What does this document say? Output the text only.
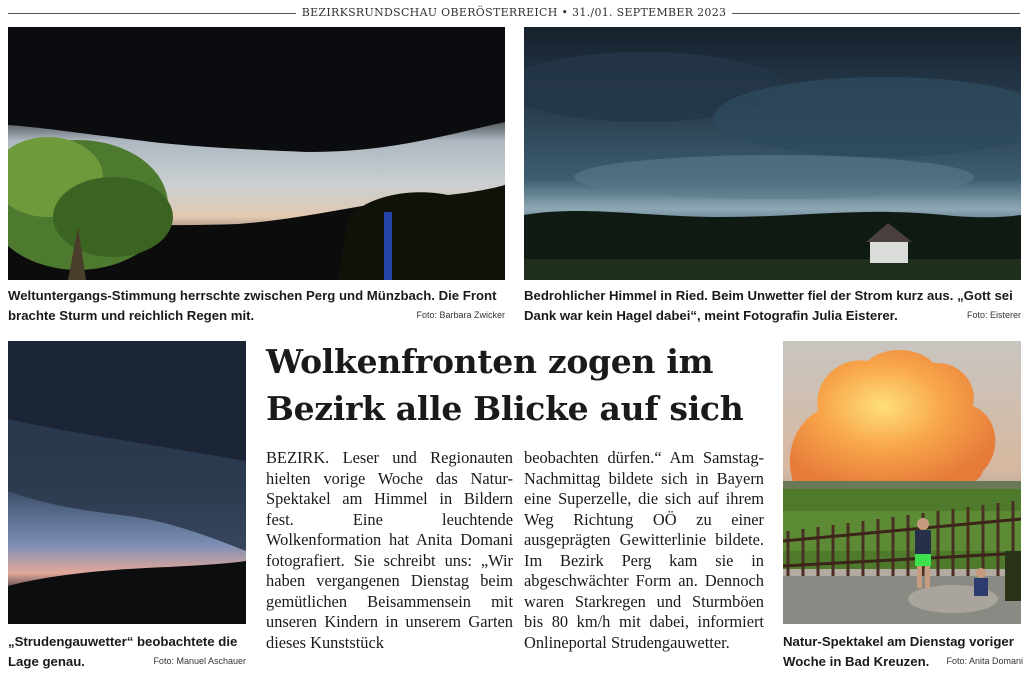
BEZIRKSRUNDSCHAU OBERÖSTERREICH • 31./01. SEPTEMBER 2023
Weltuntergangs-Stimmung herrschte zwischen Perg und Münzbach. Die Front brachte Sturm und reichlich Regen mit.	Foto: Barbara Zwicker
Bedrohlicher Himmel in Ried. Beim Unwetter fiel der Strom kurz aus. „Gott sei Dank war kein Hagel dabei“, meint Fotografin Julia Eisterer.	Foto: Eisterer
„Strudengauwetter“ beobachtete die Lage genau.	Foto: Manuel Aschauer
Wolkenfronten zogen im Bezirk alle Blicke auf sich
BEZIRK. Leser und Regionauten hielten vorige Woche das Natur-Spektakel am Himmel in Bildern fest. Eine leuchtende Wolkenformation hat Anita Domani fotografiert. Sie schreibt uns: „Wir haben vergangenen Dienstag beim gemütlichen Beisammensein mit unseren Kindern in unserem Garten dieses Kunststück
beobachten dürfen.“ Am Samstag-Nachmittag bildete sich in Bayern eine Superzelle, die sich auf ihrem Weg Richtung OÖ zu einer ausgeprägten Gewitterlinie bildete. Im Bezirk Perg kam sie in abgeschwächter Form an. Dennoch waren Starkregen und Sturmböen bis 80 km/h mit dabei, informiert Onlineportal Strudengauwetter.	Natur-Spektakel am Dienstag voriger Woche in Bad Kreuzen. Foto: Anita Domani
